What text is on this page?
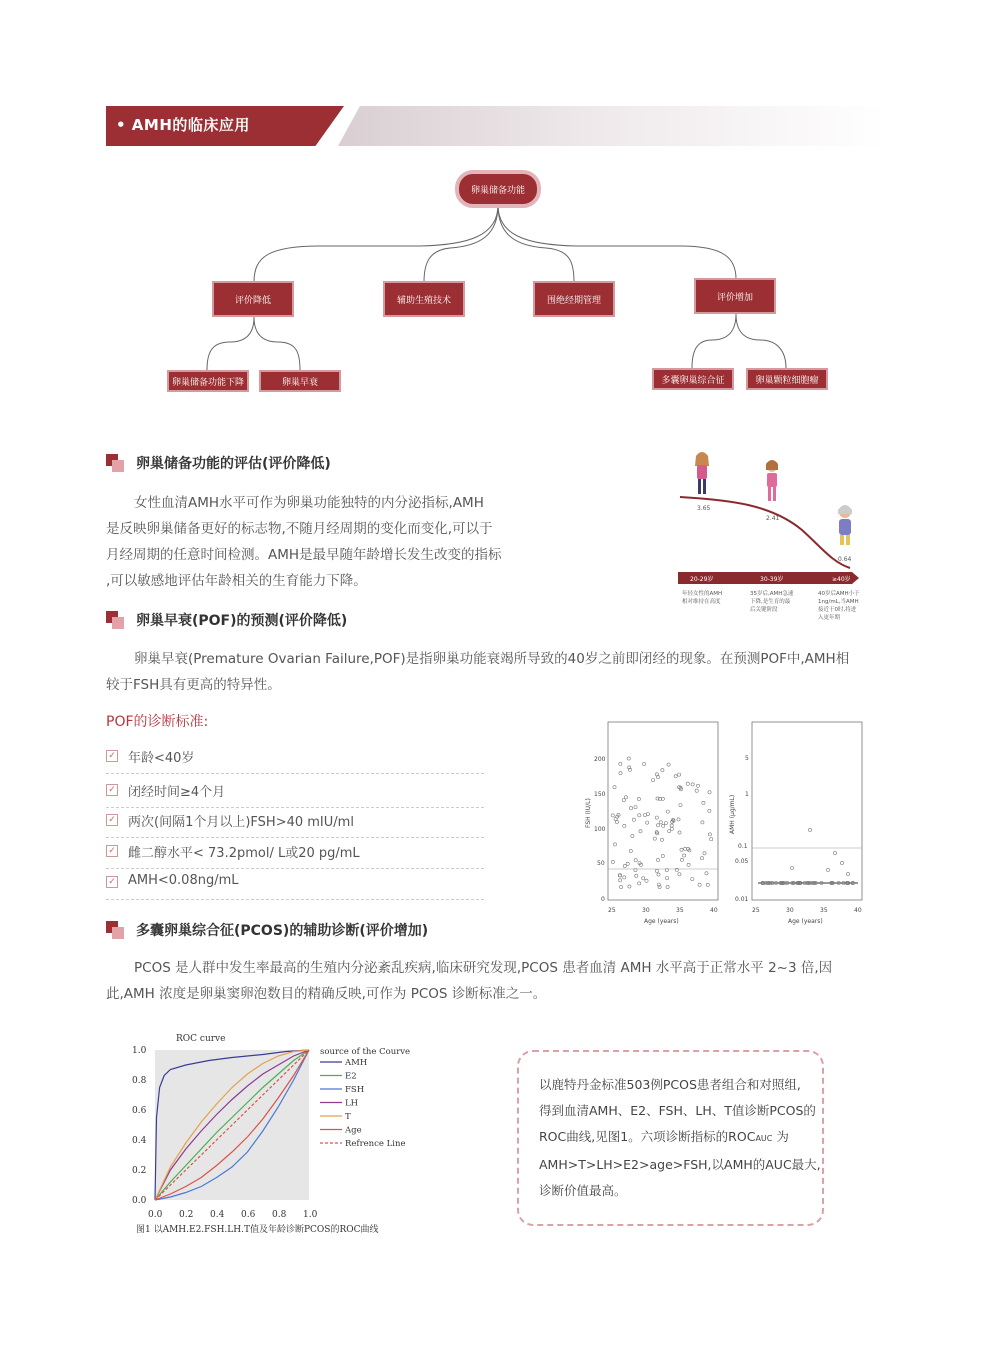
• AMH的临床应用
卵巢储备功能
评价降低	辅助生殖技术	围绝经期管理	评价增加
卵巢储备功能下降	卵巢早衰	多囊卵巢综合征	卵巢颗粒细胞瘤
卵巢储备功能的评估(评价降低)
女性血清AMH水平可作为卵巢功能独特的内分泌指标,AMH
是反映卵巢储备更好的标志物,不随月经周期的变化而变化,可以于
月经周期的任意时间检测。AMH是最早随年龄增长发生改变的指标
,可以敏感地评估年龄相关的生育能力下降。
3.65
2.41
0.64
20-29岁	30-39岁	≥40岁
年轻女性的AMH
相对维持在高度
35岁后,AMH急速
下降,是生育的最
后关键阶段
40岁后AMH小于
1ng/mL,当AMH
接近于0时,将进
入更年期
卵巢早衰(POF)的预测(评价降低)
卵巢早衰(Premature Ovarian Failure,POF)是指卵巢功能衰竭所导致的40岁之前即闭经的现象。在预测POF中,AMH相
较于FSH具有更高的特异性。
POF的诊断标准:
✓ 年龄<40岁
✓ 闭经时间≥4个月
✓ 两次(间隔1个月以上)FSH>40 mIU/ml
✓ 雌二醇水平< 73.2pmol/ L或20 pg/mL
✓ AMH<0.08ng/mL
200
150
100
50
0
25	30	35	40
Age (years)
FSH (IU/L)
5
1
0.1
0.05
0.01
25	30	35	40
Age (years)
AMH (µg/mL)
多囊卵巢综合征(PCOS)的辅助诊断(评价增加)
PCOS 是人群中发生率最高的生殖内分泌紊乱疾病,临床研究发现,PCOS 患者血清 AMH 水平高于正常水平 2~3 倍,因
此,AMH 浓度是卵巢窦卵泡数目的精确反映,可作为 PCOS 诊断标准之一。
ROC curve
1.0
0.8
0.6
0.4
0.2
0.0
0.0 0.2 0.4 0.6 0.8 1.0
source of the Courve
AMH
E2
FSH
LH
T
Age
Refrence Line
图1 以AMH.E2.FSH.LH.T值及年龄诊断PCOS的ROC曲线
以鹿特丹金标准503例PCOS患者组合和对照组,
得到血清AMH、E2、FSH、LH、T值诊断PCOS的
ROC曲线,见图1。六项诊断指标的ROCAUC 为
AMH>T>LH>E2>age>FSH,以AMH的AUC最大,
诊断价值最高。
